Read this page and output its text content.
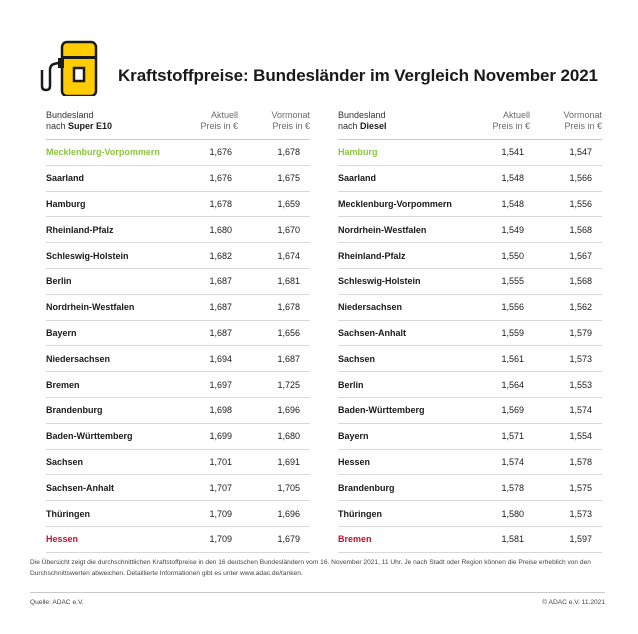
Kraftstoffpreise: Bundesländer im Vergleich November 2021
Bundesland
nach Super E10
Aktuell
Preis in €
Vormonat
Preis in €
Mecklenburg-Vorpommern	1,676	1,678
Saarland	1,676	1,675
Hamburg	1,678	1,659
Rheinland-Pfalz	1,680	1,670
Schleswig-Holstein	1,682	1,674
Berlin	1,687	1,681
Nordrhein-Westfalen	1,687	1,678
Bayern	1,687	1,656
Niedersachsen	1,694	1,687
Bremen	1,697	1,725
Brandenburg	1,698	1,696
Baden-Württemberg	1,699	1,680
Sachsen	1,701	1,691
Sachsen-Anhalt	1,707	1,705
Thüringen	1,709	1,696
Hessen	1,709	1,679
Bundesland
nach Diesel
Aktuell
Preis in €
Vormonat
Preis in €
Hamburg	1,541	1,547
Saarland	1,548	1,566
Mecklenburg-Vorpommern	1,548	1,556
Nordrhein-Westfalen	1,549	1,568
Rheinland-Pfalz	1,550	1,567
Schleswig-Holstein	1,555	1,568
Niedersachsen	1,556	1,562
Sachsen-Anhalt	1,559	1,579
Sachsen	1,561	1,573
Berlin	1,564	1,553
Baden-Württemberg	1,569	1,574
Bayern	1,571	1,554
Hessen	1,574	1,578
Brandenburg	1,578	1,575
Thüringen	1,580	1,573
Bremen	1,581	1,597
Die Übersicht zeigt die durchschnittlichen Kraftstoffpreise in den 16 deutschen Bundesländern vom 16. November 2021, 11 Uhr. Je nach Stadt oder Region können die Preise erheblich von den Durchschnittswerten abweichen. Detaillierte Informationen gibt es unter www.adac.de/tanken.
Quelle: ADAC e.V.	© ADAC e.V. 11.2021
